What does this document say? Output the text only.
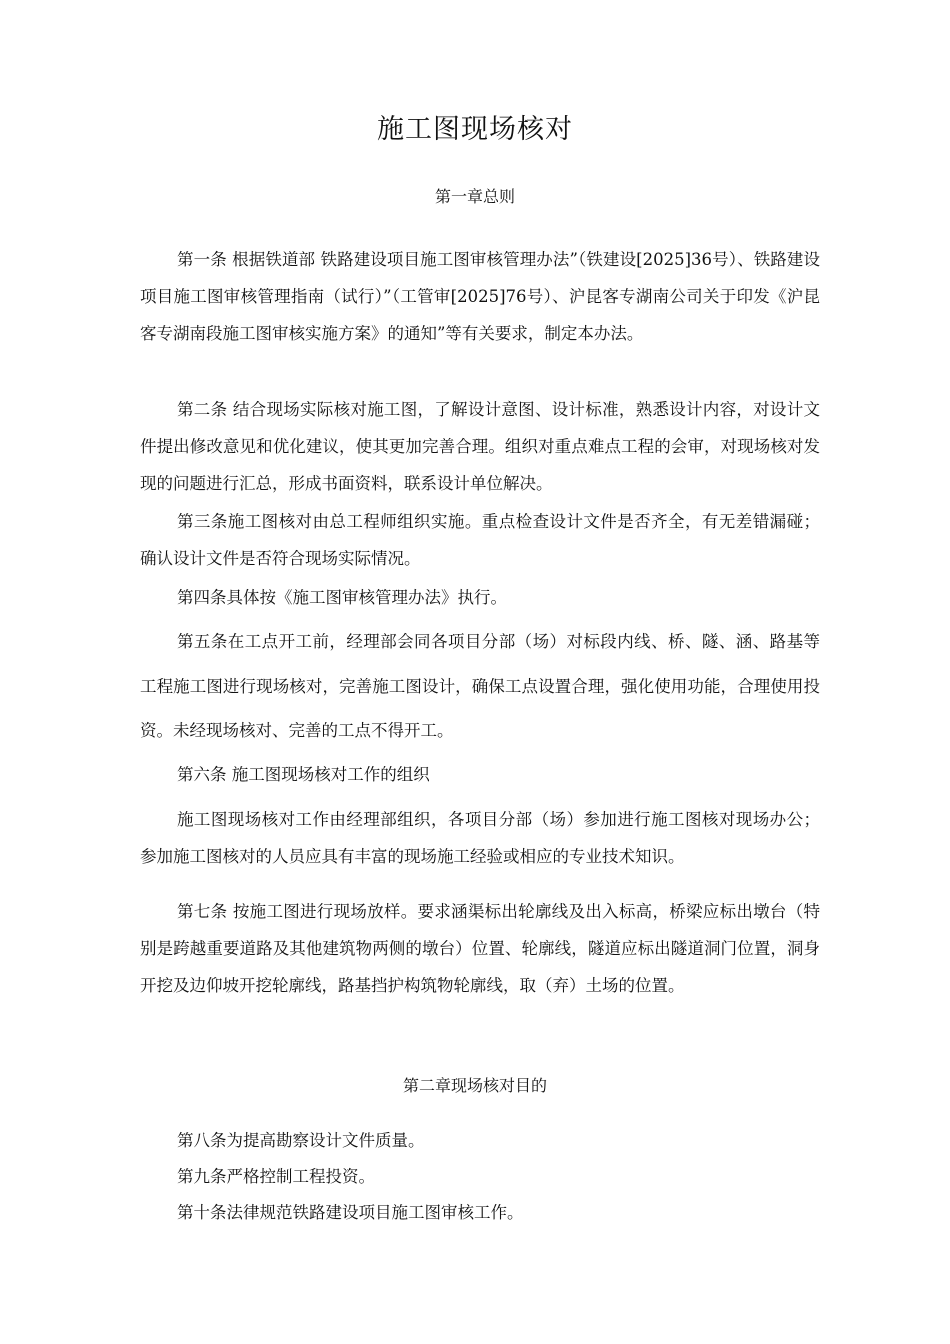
施工图现场核对
第一章总则

第一条 根据铁道部 铁路建设项目施工图审核管理办法”（铁建设[2025]36号）、铁路建设项目施工图审核管理指南（试行）”（工管审[2025]76号）、沪昆客专湖南公司关于印发《沪昆客专湖南段施工图审核实施方案》的通知”等有关要求，制定本办法。

第二条 结合现场实际核对施工图，了解设计意图、设计标准，熟悉设计内容，对设计文件提出修改意见和优化建议，使其更加完善合理。组织对重点难点工程的会审，对现场核对发现的问题进行汇总，形成书面资料，联系设计单位解决。

第三条施工图核对由总工程师组织实施。重点检查设计文件是否齐全，有无差错漏碰；确认设计文件是否符合现场实际情况。

第四条具体按《施工图审核管理办法》执行。

第五条在工点开工前，经理部会同各项目分部（场）对标段内线、桥、隧、涵、路基等工程施工图进行现场核对，完善施工图设计，确保工点设置合理，强化使用功能，合理使用投资。未经现场核对、完善的工点不得开工。

第六条 施工图现场核对工作的组织

施工图现场核对工作由经理部组织，各项目分部（场）参加进行施工图核对现场办公；参加施工图核对的人员应具有丰富的现场施工经验或相应的专业技术知识。

第七条 按施工图进行现场放样。要求涵渠标出轮廓线及出入标高，桥梁应标出墩台（特别是跨越重要道路及其他建筑物两侧的墩台）位置、轮廓线，隧道应标出隧道洞门位置，洞身开挖及边仰坡开挖轮廓线，路基挡护构筑物轮廓线，取（弃）土场的位置。

第二章现场核对目的

第八条为提高勘察设计文件质量。

第九条严格控制工程投资。

第十条法律规范铁路建设项目施工图审核工作。
